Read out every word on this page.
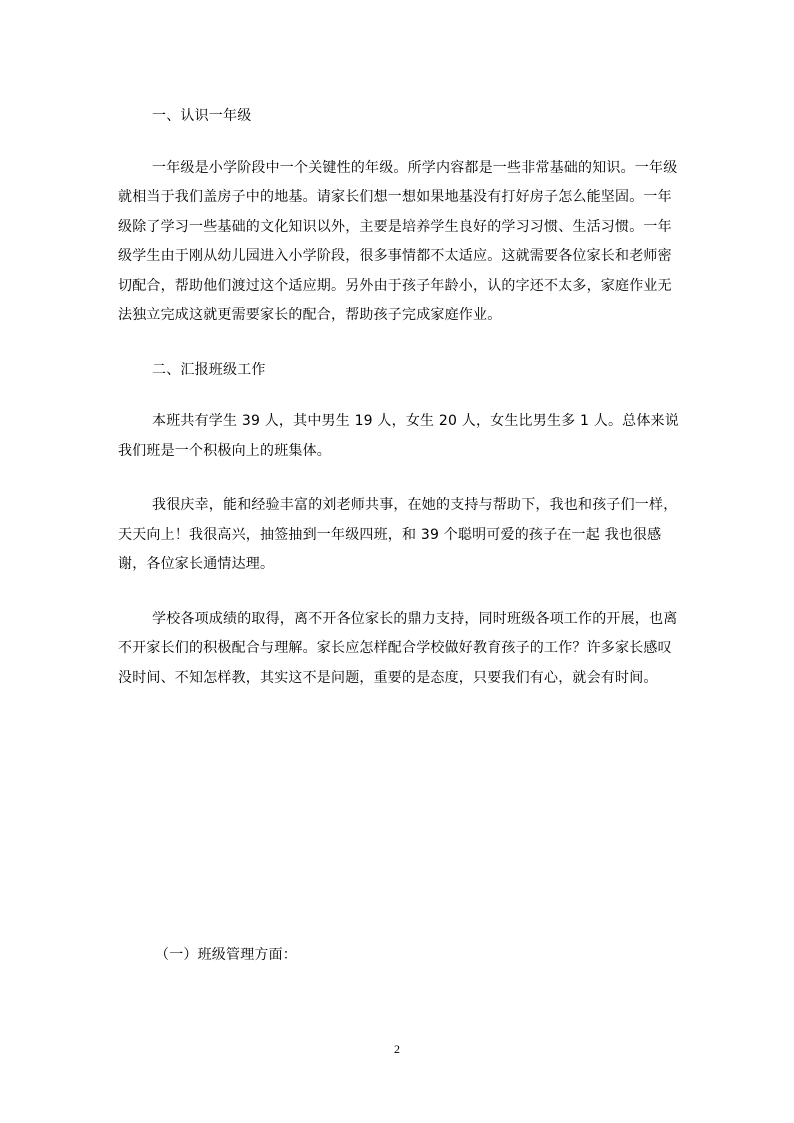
一、认识一年级

一年级是小学阶段中一个关键性的年级。所学内容都是一些非常基础的知识。一年级就相当于我们盖房子中的地基。请家长们想一想如果地基没有打好房子怎么能坚固。一年级除了学习一些基础的文化知识以外，主要是培养学生良好的学习习惯、生活习惯。一年级学生由于刚从幼儿园进入小学阶段，很多事情都不太适应。这就需要各位家长和老师密切配合，帮助他们渡过这个适应期。另外由于孩子年龄小，认的字还不太多，家庭作业无法独立完成这就更需要家长的配合，帮助孩子完成家庭作业。

二、汇报班级工作

本班共有学生 39 人，其中男生 19 人，女生 20 人，女生比男生多 1 人。总体来说我们班是一个积极向上的班集体。

我很庆幸，能和经验丰富的刘老师共事，在她的支持与帮助下，我也和孩子们一样，天天向上！我很高兴，抽签抽到一年级四班，和 39 个聪明可爱的孩子在一起 我也很感谢，各位家长通情达理。

学校各项成绩的取得，离不开各位家长的鼎力支持，同时班级各项工作的开展，也离不开家长们的积极配合与理解。家长应怎样配合学校做好教育孩子的工作？许多家长感叹没时间、不知怎样教，其实这不是问题，重要的是态度，只要我们有心，就会有时间。

（一）班级管理方面：

2
